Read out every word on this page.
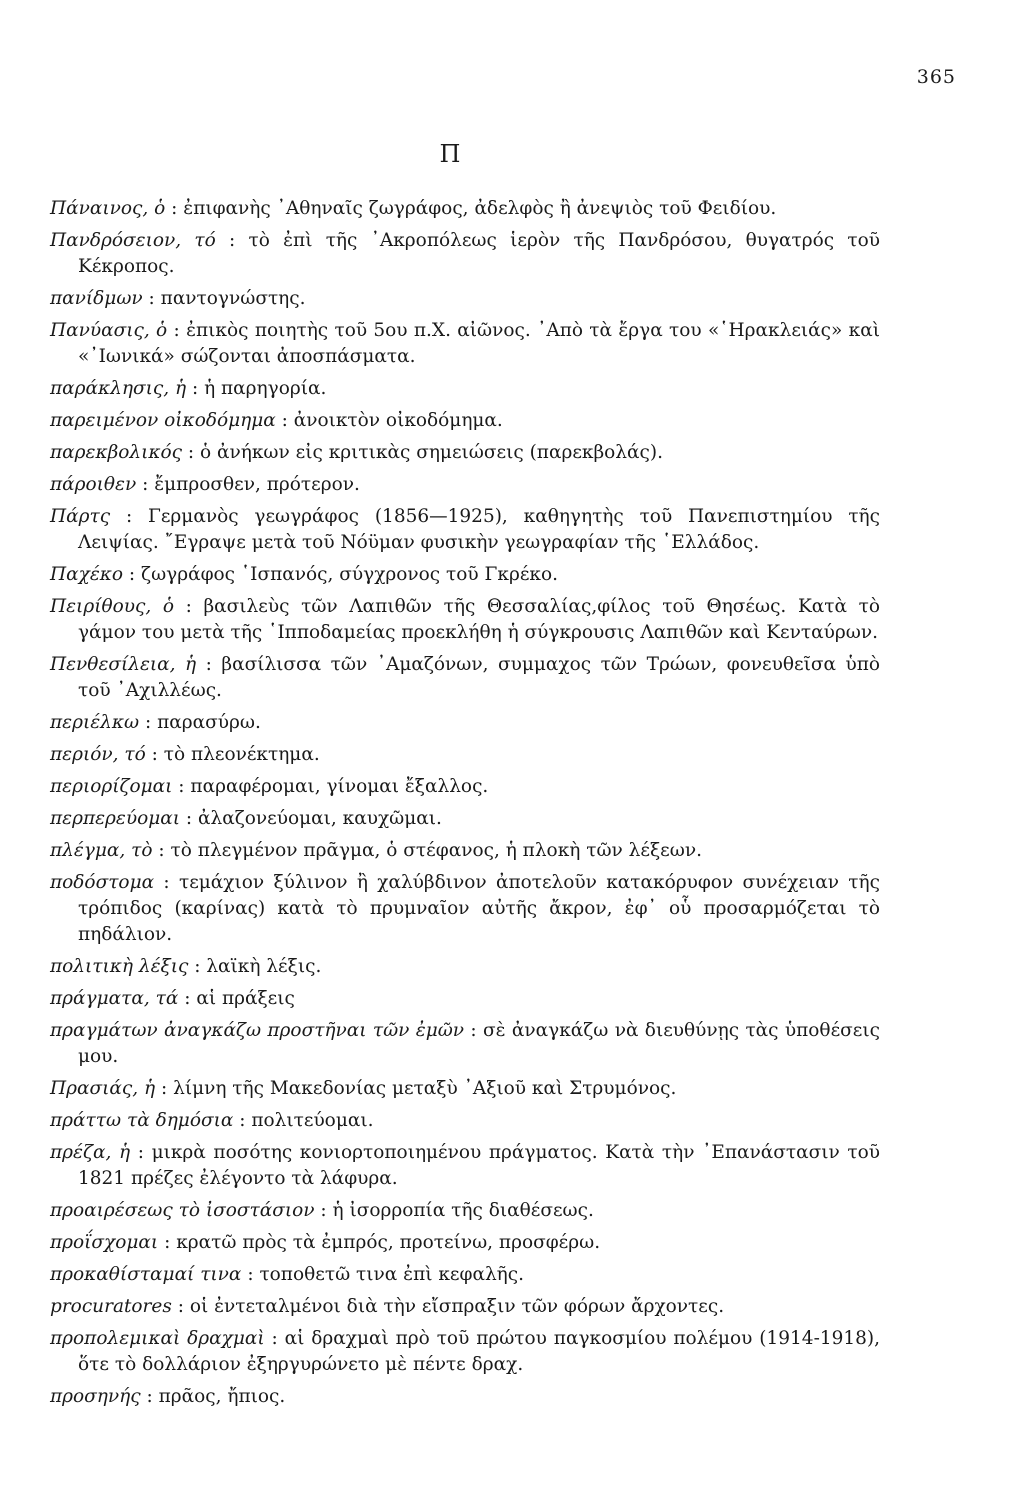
365
Π

Πάναινος, ὁ : ἐπιφανὴς ᾿Αθηναῖς ζωγράφος, ἀδελφὸς ἢ ἀνεψιὸς τοῦ Φειδίου.

Πανδρόσειον, τό : τὸ ἐπὶ τῆς ᾿Ακροπόλεως ἱερὸν τῆς Πανδρόσου, θυγατρός τοῦ Κέκροπος.

πανίδμων : παντογνώστης.

Πανύασις, ὁ : ἐπικὸς ποιητὴς τοῦ 5ου π.Χ. αἰῶνος. ᾿Απὸ τὰ ἔργα του «῾Ηρακλειάς» καὶ «᾿Ιωνικά» σώζονται ἀποσπάσματα.

παράκλησις, ἡ : ἡ παρηγορία.

παρειμένον οἰκοδόμημα : ἀνοικτὸν οἰκοδόμημα.

παρεκβολικός : ὁ ἀνήκων εἰς κριτικὰς σημειώσεις (παρεκβολάς).

πάροιθεν : ἔμπροσθεν, πρότερον.

Πάρτς : Γερμανὸς γεωγράφος (1856—1925), καθηγητὴς τοῦ Πανεπιστημίου τῆς Λειψίας. ῎Εγραψε μετὰ τοῦ Νόϋμαν φυσικὴν γεωγραφίαν τῆς ῾Ελλάδος.

Παχέκο : ζωγράφος ῾Ισπανός, σύγχρονος τοῦ Γκρέκο.

Πειρίθους, ὁ : βασιλεὺς τῶν Λαπιθῶν τῆς Θεσσαλίας,φίλος τοῦ Θησέως. Κατὰ τὸ γάμον του μετὰ τῆς ῾Ιπποδαμείας προεκλήθη ἡ σύγκρουσις Λαπιθῶν καὶ Κενταύρων.

Πενθεσίλεια, ἡ : βασίλισσα τῶν ᾿Αμαζόνων, συμμαχος τῶν Τρώων, φονευθεῖσα ὑπὸ τοῦ ᾿Αχιλλέως.

περιέλκω : παρασύρω.

περιόν, τό : τὸ πλεονέκτημα.

περιορίζομαι : παραφέρομαι, γίνομαι ἔξαλλος.

περπερεύομαι : ἀλαζονεύομαι, καυχῶμαι.

πλέγμα, τὸ : τὸ πλεγμένον πρᾶγμα, ὁ στέφανος, ἡ πλοκὴ τῶν λέξεων.

ποδόστομα : τεμάχιον ξύλινον ἢ χαλύβδινον ἀποτελοῦν κατακόρυφον συνέχειαν τῆς τρόπιδος (καρίνας) κατὰ τὸ πρυμναῖον αὐτῆς ἄκρον, ἐφ᾿ οὗ προσαρμόζεται τὸ πηδάλιον.

πολιτικὴ λέξις : λαϊκὴ λέξις.

πράγματα, τά : αἱ πράξεις

πραγμάτων ἀναγκάζω προστῆναι τῶν ἐμῶν : σὲ ἀναγκάζω νὰ διευθύνῃς τὰς ὑποθέσεις μου.

Πρασιάς, ἡ : λίμνη τῆς Μακεδονίας μεταξὺ ᾿Αξιοῦ καὶ Στρυμόνος.

πράττω τὰ δημόσια : πολιτεύομαι.

πρέζα, ἡ : μικρὰ ποσότης κονιορτοποιημένου πράγματος. Κατὰ τὴν ᾿Επανάστασιν τοῦ 1821 πρέζες ἐλέγοντο τὰ λάφυρα.

προαιρέσεως τὸ ἰσοστάσιον : ἡ ἰσορροπία τῆς διαθέσεως.

προΐσχομαι : κρατῶ πρὸς τὰ ἐμπρός, προτείνω, προσφέρω.

προκαθίσταμαί τινα : τοποθετῶ τινα ἐπὶ κεφαλῆς.

procuratores : οἱ ἐντεταλμένοι διὰ τὴν εἴσπραξιν τῶν φόρων ἄρχοντες.

προπολεμικαὶ δραχμαὶ : αἱ δραχμαὶ πρὸ τοῦ πρώτου παγκοσμίου πολέμου (1914-1918), ὅτε τὸ δολλάριον ἐξηργυρώνετο μὲ πέντε δραχ.

προσηνής : πρᾶος, ἤπιος.
